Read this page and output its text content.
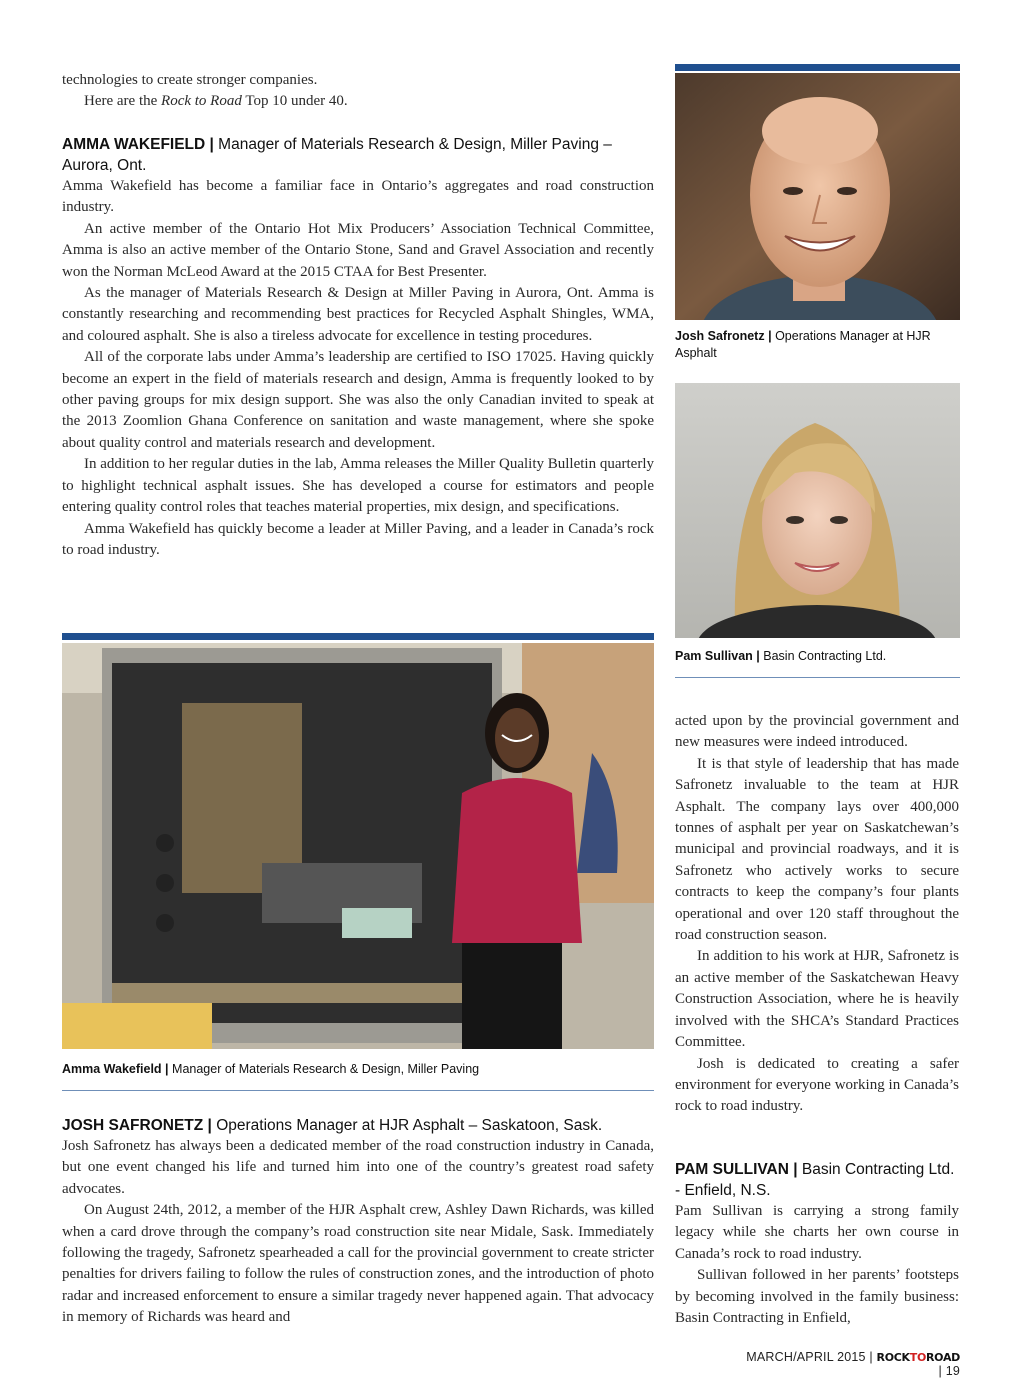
technologies to create stronger companies.

Here are the Rock to Road Top 10 under 40.

AMMA WAKEFIELD | Manager of Materials Research & Design, Miller Paving – Aurora, Ont.

Amma Wakefield has become a familiar face in Ontario’s aggregates and road construction industry.

An active member of the Ontario Hot Mix Producers’ Association Technical Committee, Amma is also an active member of the Ontario Stone, Sand and Gravel Association and recently won the Norman McLeod Award at the 2015 CTAA for Best Presenter.

As the manager of Materials Research & Design at Miller Paving in Aurora, Ont. Amma is constantly researching and recommending best practices for Recycled Asphalt Shingles, WMA, and coloured asphalt. She is also a tireless advocate for excellence in testing procedures.

All of the corporate labs under Amma’s leadership are certified to ISO 17025. Having quickly become an expert in the field of materials research and design, Amma is frequently looked to by other paving groups for mix design support. She was also the only Canadian invited to speak at the 2013 Zoomlion Ghana Conference on sanitation and waste management, where she spoke about quality control and materials research and development.

In addition to her regular duties in the lab, Amma releases the Miller Quality Bulletin quarterly to highlight technical asphalt issues. She has developed a course for estimators and people entering quality control roles that teaches material properties, mix design, and specifications.

Amma Wakefield has quickly become a leader at Miller Paving, and a leader in Canada’s rock to road industry.

Josh Safronetz | Operations Manager at HJR Asphalt
Pam Sullivan | Basin Contracting Ltd.
Amma Wakefield | Manager of Materials Research & Design, Miller Paving

JOSH SAFRONETZ | Operations Manager at HJR Asphalt – Saskatoon, Sask.

Josh Safronetz has always been a dedicated member of the road construction industry in Canada, but one event changed his life and turned him into one of the country’s greatest road safety advocates.

On August 24th, 2012, a member of the HJR Asphalt crew, Ashley Dawn Richards, was killed when a card drove through the company’s road construction site near Midale, Sask. Immediately following the tragedy, Safronetz spearheaded a call for the provincial government to create stricter penalties for drivers failing to follow the rules of construction zones, and the introduction of photo radar and increased enforcement to ensure a similar tragedy never happened again. That advocacy in memory of Richards was heard and

acted upon by the provincial government and new measures were indeed introduced.

It is that style of leadership that has made Safronetz invaluable to the team at HJR Asphalt. The company lays over 400,000 tonnes of asphalt per year on Saskatchewan’s municipal and provincial roadways, and it is Safronetz who actively works to secure contracts to keep the company’s four plants operational and over 120 staff throughout the road construction season.

In addition to his work at HJR, Safronetz is an active member of the Saskatchewan Heavy Construction Association, where he is heavily involved with the SHCA’s Standard Practices Committee.

Josh is dedicated to creating a safer environment for everyone working in Canada’s rock to road industry.

PAM SULLIVAN | Basin Contracting Ltd. - Enfield, N.S.

Pam Sullivan is carrying a strong family legacy while she charts her own course in Canada’s rock to road industry.

Sullivan followed in her parents’ footsteps by becoming involved in the family business: Basin Contracting in Enfield,

MARCH/APRIL 2015 | ROCKTOROAD | 19
